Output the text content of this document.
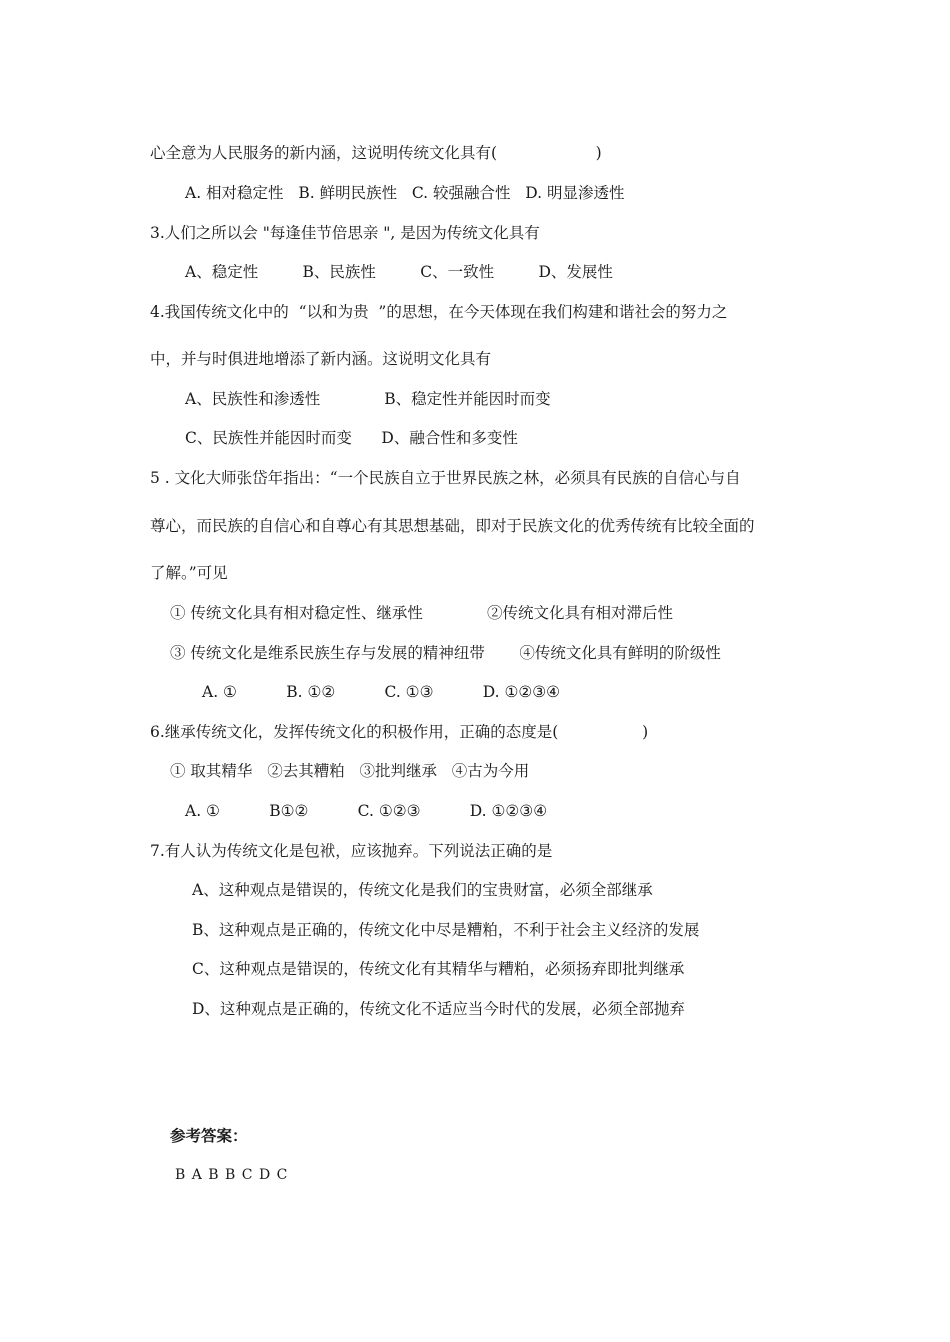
心全意为人民服务的新内涵，这说明传统文化具有(                    )
A. 相对稳定性   B. 鲜明民族性   C. 较强融合性   D. 明显渗透性
3.人们之所以会 "每逢佳节倍思亲 ", 是因为传统文化具有
A、稳定性         B、民族性         C、一致性         D、发展性
4.我国传统文化中的  “以和为贵  ”的思想，在今天体现在我们构建和谐社会的努力之
中，并与时俱进地增添了新内涵。这说明文化具有
A、民族性和渗透性             B、稳定性并能因时而变
C、民族性并能因时而变      D、融合性和多变性
5 . 文化大师张岱年指出：“一个民族自立于世界民族之林，必须具有民族的自信心与自
尊心，而民族的自信心和自尊心有其思想基础，即对于民族文化的优秀传统有比较全面的
了解。”可见
① 传统文化具有相对稳定性、继承性             ②传统文化具有相对滞后性
③ 传统文化是维系民族生存与发展的精神纽带       ④传统文化具有鲜明的阶级性
A. ①          B. ①②          C. ①③          D. ①②③④
6.继承传统文化，发挥传统文化的积极作用，正确的态度是(                 )
① 取其精华   ②去其糟粕   ③批判继承   ④古为今用
A. ①          B①②          C. ①②③          D. ①②③④
7.有人认为传统文化是包袱，应该抛弃。下列说法正确的是
A、这种观点是错误的，传统文化是我们的宝贵财富，必须全部继承
B、这种观点是正确的，传统文化中尽是糟粕，不利于社会主义经济的发展
C、这种观点是错误的，传统文化有其精华与糟粕，必须扬弃即批判继承
D、这种观点是正确的，传统文化不适应当今时代的发展，必须全部抛弃
参考答案：
B A B B C D C
